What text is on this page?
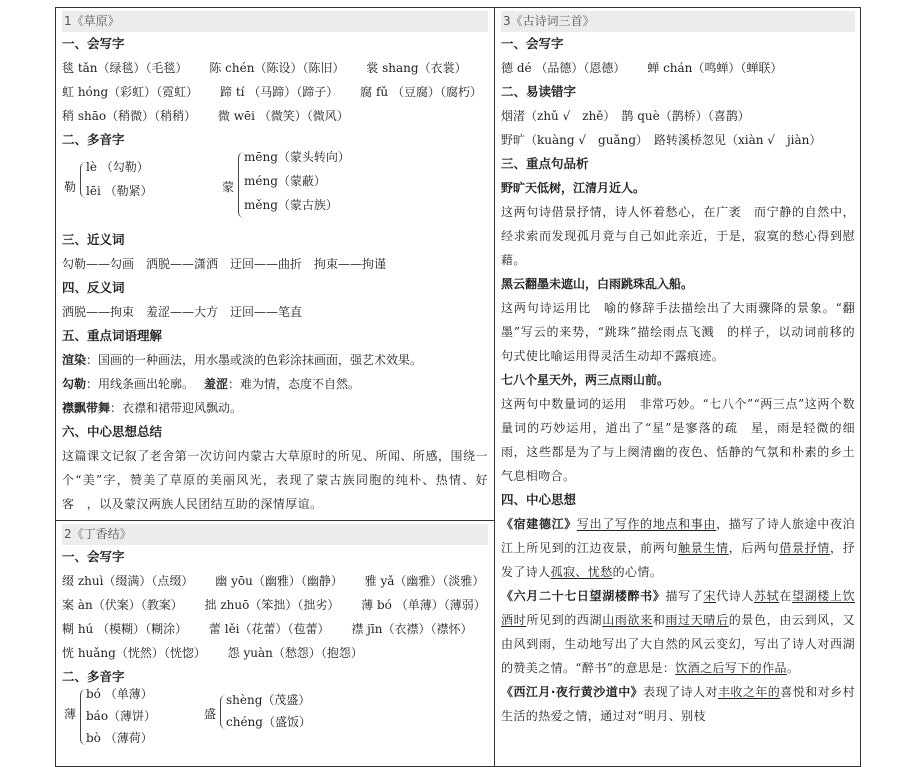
1《草原》
一、会写字
毯 tǎn（绿毯）（毛毯） 陈 chén（陈设）（陈旧） 裳 shang（衣裳）
虹 hóng（彩虹）（霓虹） 蹄 tí （马蹄）（蹄子） 腐 fǔ （豆腐）（腐朽）
稍 shāo（稍微）（稍稍） 微 wēi （微笑）（微风）
二、多音字
勒
lè （勾勒）
lēi （勒紧）	蒙
mēng（蒙头转向）
méng（蒙蔽）
měng（蒙古族）
三、近义词
勾勒——勾画　洒脱——潇洒　迂回——曲折　拘束——拘谨
四、反义词
洒脱——拘束　羞涩——大方　迂回——笔直
五、重点词语理解
渲染：国画的一种画法，用水墨或淡的色彩涂抹画面，强艺术效果。
勾勒：用线条画出轮廓。 羞涩：难为情，态度不自然。
襟飘带舞：衣襟和裙带迎风飘动。
六、中心思想总结

这篇课文记叙了老舍第一次访问内蒙古大草原时的所见、所闻、所感，围绕一个“美”字，赞美了草原的美丽风光，表现了蒙古族同胞的纯朴、热情、好客　，以及蒙汉两族人民团结互助的深情厚谊。

2《丁香结》
一、会写字
缀 zhuì（缀满）（点缀） 幽 yōu（幽雅）（幽静） 雅 yǎ（幽雅）（淡雅）
案 àn（伏案）（教案） 拙 zhuō（笨拙）（拙劣） 薄 bó （单薄）（薄弱）
糊 hú （模糊）（糊涂） 蕾 lěi（花蕾）（苞蕾） 襟 jīn（衣襟）（襟怀）
恍 huǎng（恍然）（恍惚） 怨 yuàn（愁怨）（抱怨）
二、多音字
薄
bó （单薄）
báo（薄饼）
bò （薄荷）
盛
shèng（茂盛）
chéng（盛饭）
3《古诗词三首》
一、会写字
德 dé （品德）（恩德） 蝉 chán（鸣蝉）（蝉联）
二、易读错字
烟渚（zhǔ √　zhě）　鹊 què（鹊桥）（喜鹊）
野旷（kuàng √　guǎng）　路转溪桥忽见（xiàn √　jiàn）
三、重点句品析
野旷天低树，江清月近人。

这两句诗借景抒情，诗人怀着愁心，在广袤　而宁静的自然中，经求索而发现孤月竟与自己如此亲近，于是，寂寞的愁心得到慰藉。

黑云翻墨未遮山，白雨跳珠乱入船。

这两句诗运用比　喻的修辞手法描绘出了大雨骤降的景象。“翻墨”写云的来势，“跳珠”描绘雨点飞溅　的样子，以动词前移的句式使比喻运用得灵活生动却不露痕迹。

七八个星天外，两三点雨山前。

这两句中数量词的运用　非常巧妙。“七八个”“两三点”这两个数量词的巧妙运用，道出了“星”是寥落的疏　星，雨是轻微的细雨，这些都是为了与上阕清幽的夜色、恬静的气氛和朴素的乡土气息相吻合。

四、中心思想

《宿建德江》写出了写作的地点和事由，描写了诗人旅途中夜泊江上所见到的江边夜景，前两句触景生情，后两句借景抒情，抒发了诗人孤寂、忧愁的心情。

《六月二十七日望湖楼醉书》描写了宋代诗人苏轼在望湖楼上饮酒时所见到的西湖山雨欲来和雨过天晴后的景色，由云到风，又由风到雨，生动地写出了大自然的风云变幻，写出了诗人对西湖的赞美之情。“醉书”的意思是：饮酒之后写下的作品。

《西江月·夜行黄沙道中》表现了诗人对丰收之年的喜悦和对乡村生活的热爱之情，通过对“明月、别枝
